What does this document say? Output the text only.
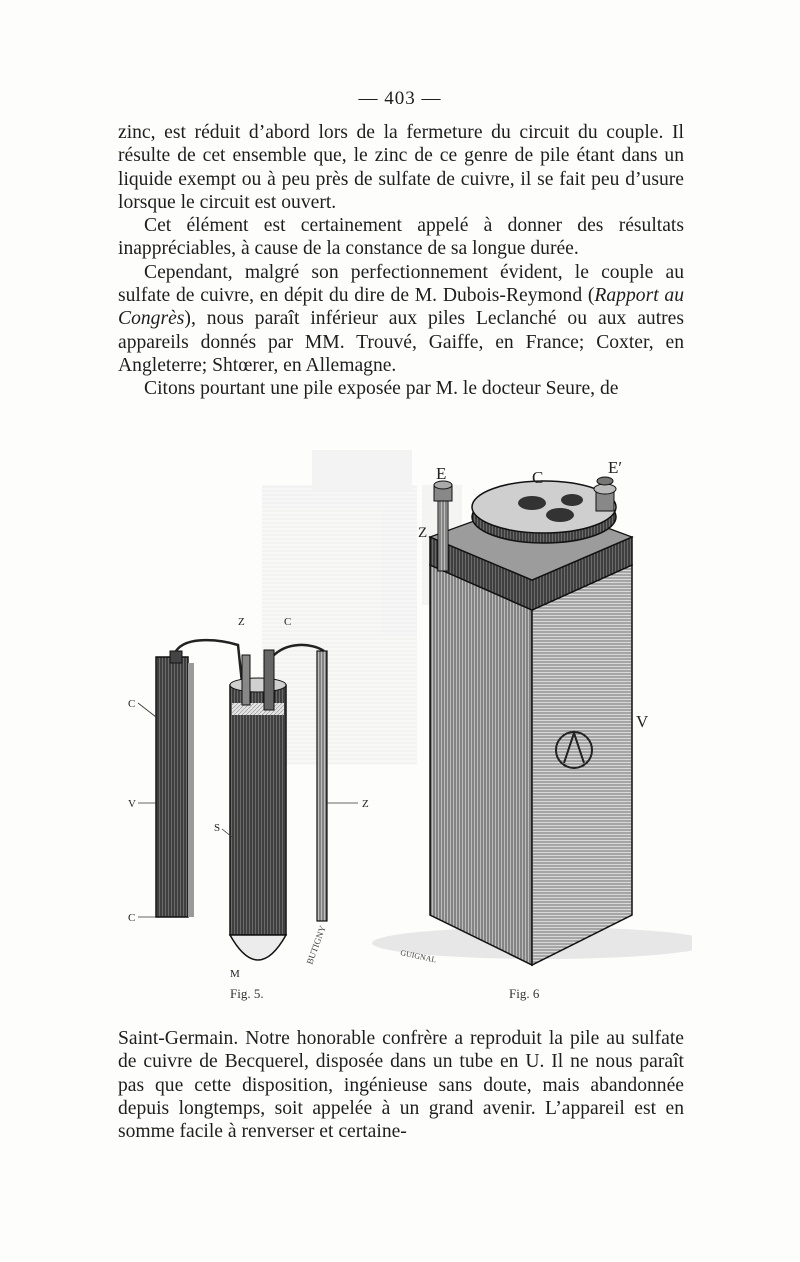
— 403 —

zinc, est réduit d’abord lors de la fermeture du circuit du couple. Il résulte de cet ensemble que, le zinc de ce genre de pile étant dans un liquide exempt ou à peu près de sulfate de cuivre, il se fait peu d’usure lorsque le circuit est ouvert.

Cet élément est certainement appelé à donner des résultats inappréciables, à cause de la constance de sa longue durée.

Cependant, malgré son perfectionnement évident, le couple au sulfate de cuivre, en dépit du dire de M. Dubois-Reymond (Rapport au Congrès), nous paraît inférieur aux piles Leclanché ou aux autres appareils donnés par MM. Trouvé, Gaiffe, en France; Coxter, en Angleterre; Shtœrer, en Allemagne.

Citons pourtant une pile exposée par M. le docteur Seure, de

Z	C
C
V
S
Z
C
M
BUTIGNY
E	C
E′
Z
V
GUIGNAL
Fig. 5.	Fig. 6

Saint-Germain. Notre honorable confrère a reproduit la pile au sulfate de cuivre de Becquerel, disposée dans un tube en U. Il ne nous paraît pas que cette disposition, ingénieuse sans doute, mais abandonnée depuis longtemps, soit appelée à un grand avenir. L’appareil est en somme facile à renverser et certaine-
